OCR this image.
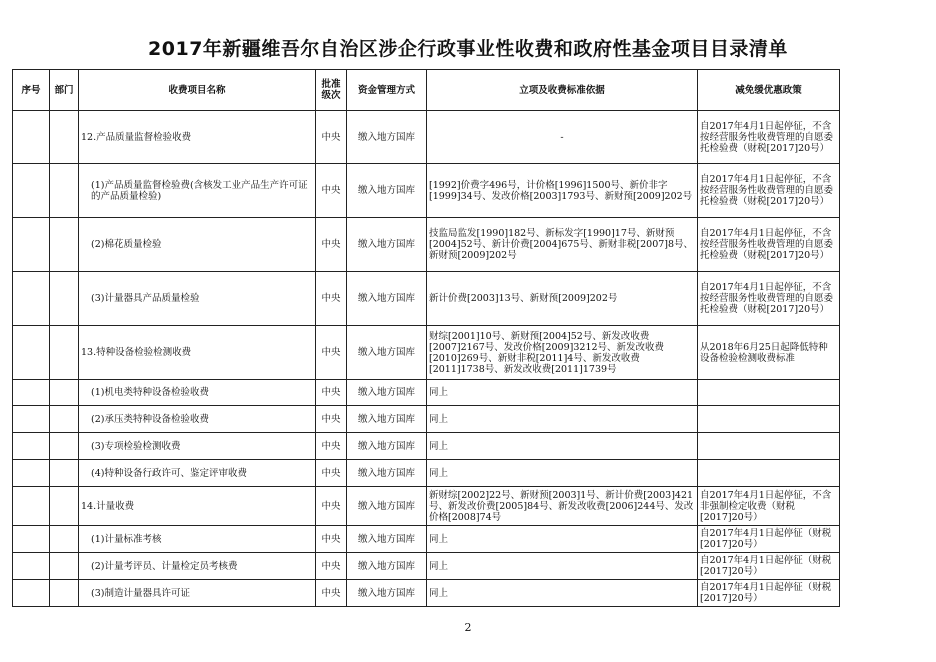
2017年新疆维吾尔自治区涉企行政事业性收费和政府性基金项目目录清单
序号	部门	收费项目名称	批准级次	资金管理方式	立项及收费标准依据	减免缓优惠政策
		12.产品质量监督检验收费	中央	缴入地方国库	-	自2017年4月1日起停征，不含按经营服务性收费管理的自愿委托检验费（财税[2017]20号）
		(1)产品质量监督检验费(含核发工业产品生产许可证的产品质量检验)	中央	缴入地方国库	[1992]价费字496号，计价格[1996]1500号、新价非字[1999]34号、发改价格[2003]1793号、新财预[2009]202号	自2017年4月1日起停征，不含按经营服务性收费管理的自愿委托检验费（财税[2017]20号）
		(2)棉花质量检验	中央	缴入地方国库	技监局监发[1990]182号、新标发字[1990]17号、新财预[2004]52号、新计价费[2004]675号、新财非税[2007]8号、新财预[2009]202号	自2017年4月1日起停征，不含按经营服务性收费管理的自愿委托检验费（财税[2017]20号）
		(3)计量器具产品质量检验	中央	缴入地方国库	新计价费[2003]13号、新财预[2009]202号	自2017年4月1日起停征，不含按经营服务性收费管理的自愿委托检验费（财税[2017]20号）
		13.特种设备检验检测收费	中央	缴入地方国库	财综[2001]10号、新财预[2004]52号、新发改收费[2007]2167号、发改价格[2009]3212号、新发改收费[2010]269号、新财非税[2011]4号、新发改收费[2011]1738号、新发改收费[2011]1739号	从2018年6月25日起降低特种设备检验检测收费标准
		(1)机电类特种设备检验收费	中央	缴入地方国库	同上	
		(2)承压类特种设备检验收费	中央	缴入地方国库	同上	
		(3)专项检验检测收费	中央	缴入地方国库	同上	
		(4)特种设备行政许可、鉴定评审收费	中央	缴入地方国库	同上	
		14.计量收费	中央	缴入地方国库	新财综[2002]22号、新财预[2003]1号、新计价费[2003]421号、新发改价费[2005]84号、新发改收费[2006]244号、发改价格[2008]74号	自2017年4月1日起停征，不含非强制检定收费（财税[2017]20号）
		(1)计量标准考核	中央	缴入地方国库	同上	自2017年4月1日起停征（财税[2017]20号）
		(2)计量考评员、计量检定员考核费	中央	缴入地方国库	同上	自2017年4月1日起停征（财税[2017]20号）
		(3)制造计量器具许可证	中央	缴入地方国库	同上	自2017年4月1日起停征（财税[2017]20号）
2
